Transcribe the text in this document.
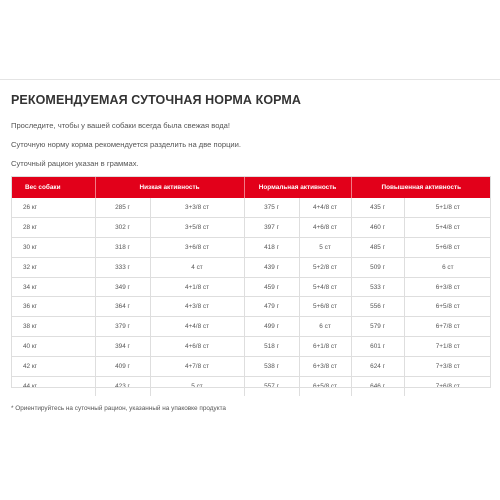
РЕКОМЕНДУЕМАЯ СУТОЧНАЯ НОРМА КОРМА

Проследите, чтобы у вашей собаки всегда была свежая вода!

Суточную норму корма рекомендуется разделить на две порции.

Суточный рацион указан в граммах.

Вес собаки	Низкая активность		Нормальная активность		Повышенная активность	
26 кг	285 г	3+3/8 ст	375 г	4+4/8 ст	435 г	5+1/8 ст
28 кг	302 г	3+5/8 ст	397 г	4+6/8 ст	460 г	5+4/8 ст
30 кг	318 г	3+6/8 ст	418 г	5 ст	485 г	5+6/8 ст
32 кг	333 г	4 ст	439 г	5+2/8 ст	509 г	6 ст
34 кг	349 г	4+1/8 ст	459 г	5+4/8 ст	533 г	6+3/8 ст
36 кг	364 г	4+3/8 ст	479 г	5+6/8 ст	556 г	6+5/8 ст
38 кг	379 г	4+4/8 ст	499 г	6 ст	579 г	6+7/8 ст
40 кг	394 г	4+6/8 ст	518 г	6+1/8 ст	601 г	7+1/8 ст
42 кг	409 г	4+7/8 ст	538 г	6+3/8 ст	624 г	7+3/8 ст
44 кг	423 г	5 ст	557 г	6+5/8 ст	646 г	7+6/8 ст

* Ориентируйтесь на суточный рацион, указанный на упаковке продукта
